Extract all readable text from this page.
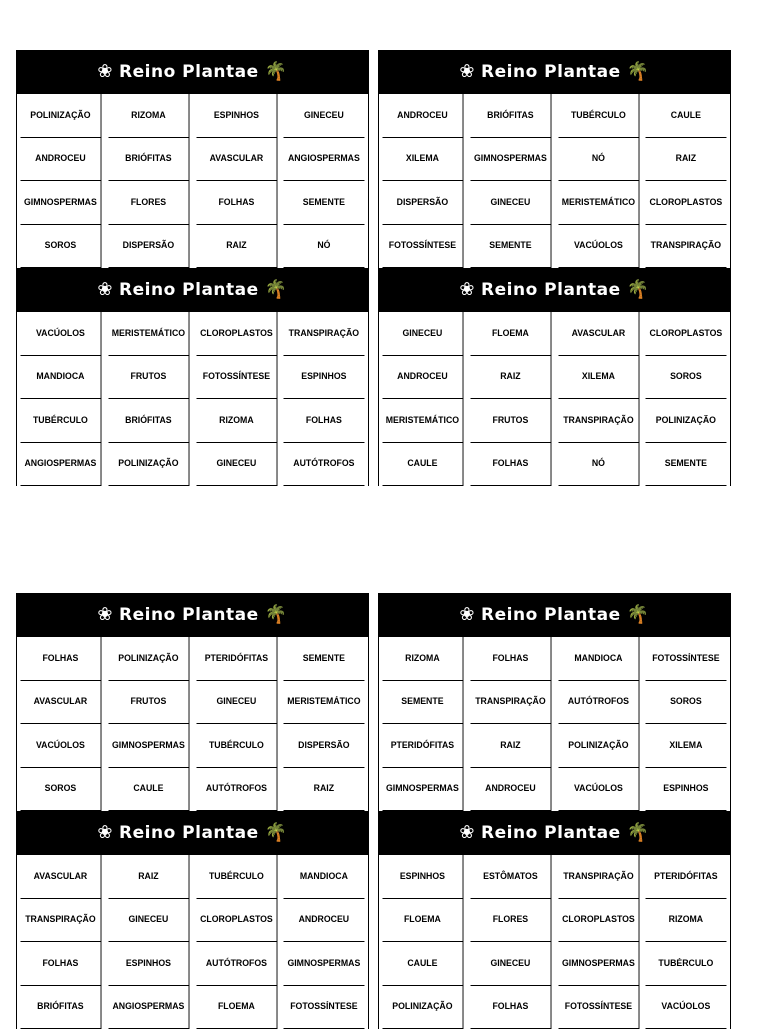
❀ Reino Plantae 🌴
POLINIZAÇÃO	RIZOMA	ESPINHOS	GINECEU
ANDROCEU	BRIÓFITAS	AVASCULAR	ANGIOSPERMAS
GIMNOSPERMAS	FLORES	FOLHAS	SEMENTE
SOROS	DISPERSÃO	RAIZ	NÓ
❀ Reino Plantae 🌴
ANDROCEU	BRIÓFITAS	TUBÉRCULO	CAULE
XILEMA	GIMNOSPERMAS	NÓ	RAIZ
DISPERSÃO	GINECEU	MERISTEMÁTICO	CLOROPLASTOS
FOTOSSÍNTESE	SEMENTE	VACÚOLOS	TRANSPIRAÇÃO
❀ Reino Plantae 🌴
VACÚOLOS	MERISTEMÁTICO	CLOROPLASTOS	TRANSPIRAÇÃO
MANDIOCA	FRUTOS	FOTOSSÍNTESE	ESPINHOS
TUBÉRCULO	BRIÓFITAS	RIZOMA	FOLHAS
ANGIOSPERMAS	POLINIZAÇÃO	GINECEU	AUTÓTROFOS
❀ Reino Plantae 🌴
GINECEU	FLOEMA	AVASCULAR	CLOROPLASTOS
ANDROCEU	RAIZ	XILEMA	SOROS
MERISTEMÁTICO	FRUTOS	TRANSPIRAÇÃO	POLINIZAÇÃO
CAULE	FOLHAS	NÓ	SEMENTE
❀ Reino Plantae 🌴
FOLHAS	POLINIZAÇÃO	PTERIDÓFITAS	SEMENTE
AVASCULAR	FRUTOS	GINECEU	MERISTEMÁTICO
VACÚOLOS	GIMNOSPERMAS	TUBÉRCULO	DISPERSÃO
SOROS	CAULE	AUTÓTROFOS	RAIZ
❀ Reino Plantae 🌴
RIZOMA	FOLHAS	MANDIOCA	FOTOSSÍNTESE
SEMENTE	TRANSPIRAÇÃO	AUTÓTROFOS	SOROS
PTERIDÓFITAS	RAIZ	POLINIZAÇÃO	XILEMA
GIMNOSPERMAS	ANDROCEU	VACÚOLOS	ESPINHOS
❀ Reino Plantae 🌴
AVASCULAR	RAIZ	TUBÉRCULO	MANDIOCA
TRANSPIRAÇÃO	GINECEU	CLOROPLASTOS	ANDROCEU
FOLHAS	ESPINHOS	AUTÓTROFOS	GIMNOSPERMAS
BRIÓFITAS	ANGIOSPERMAS	FLOEMA	FOTOSSÍNTESE
❀ Reino Plantae 🌴
ESPINHOS	ESTÔMATOS	TRANSPIRAÇÃO	PTERIDÓFITAS
FLOEMA	FLORES	CLOROPLASTOS	RIZOMA
CAULE	GINECEU	GIMNOSPERMAS	TUBÉRCULO
POLINIZAÇÃO	FOLHAS	FOTOSSÍNTESE	VACÚOLOS
